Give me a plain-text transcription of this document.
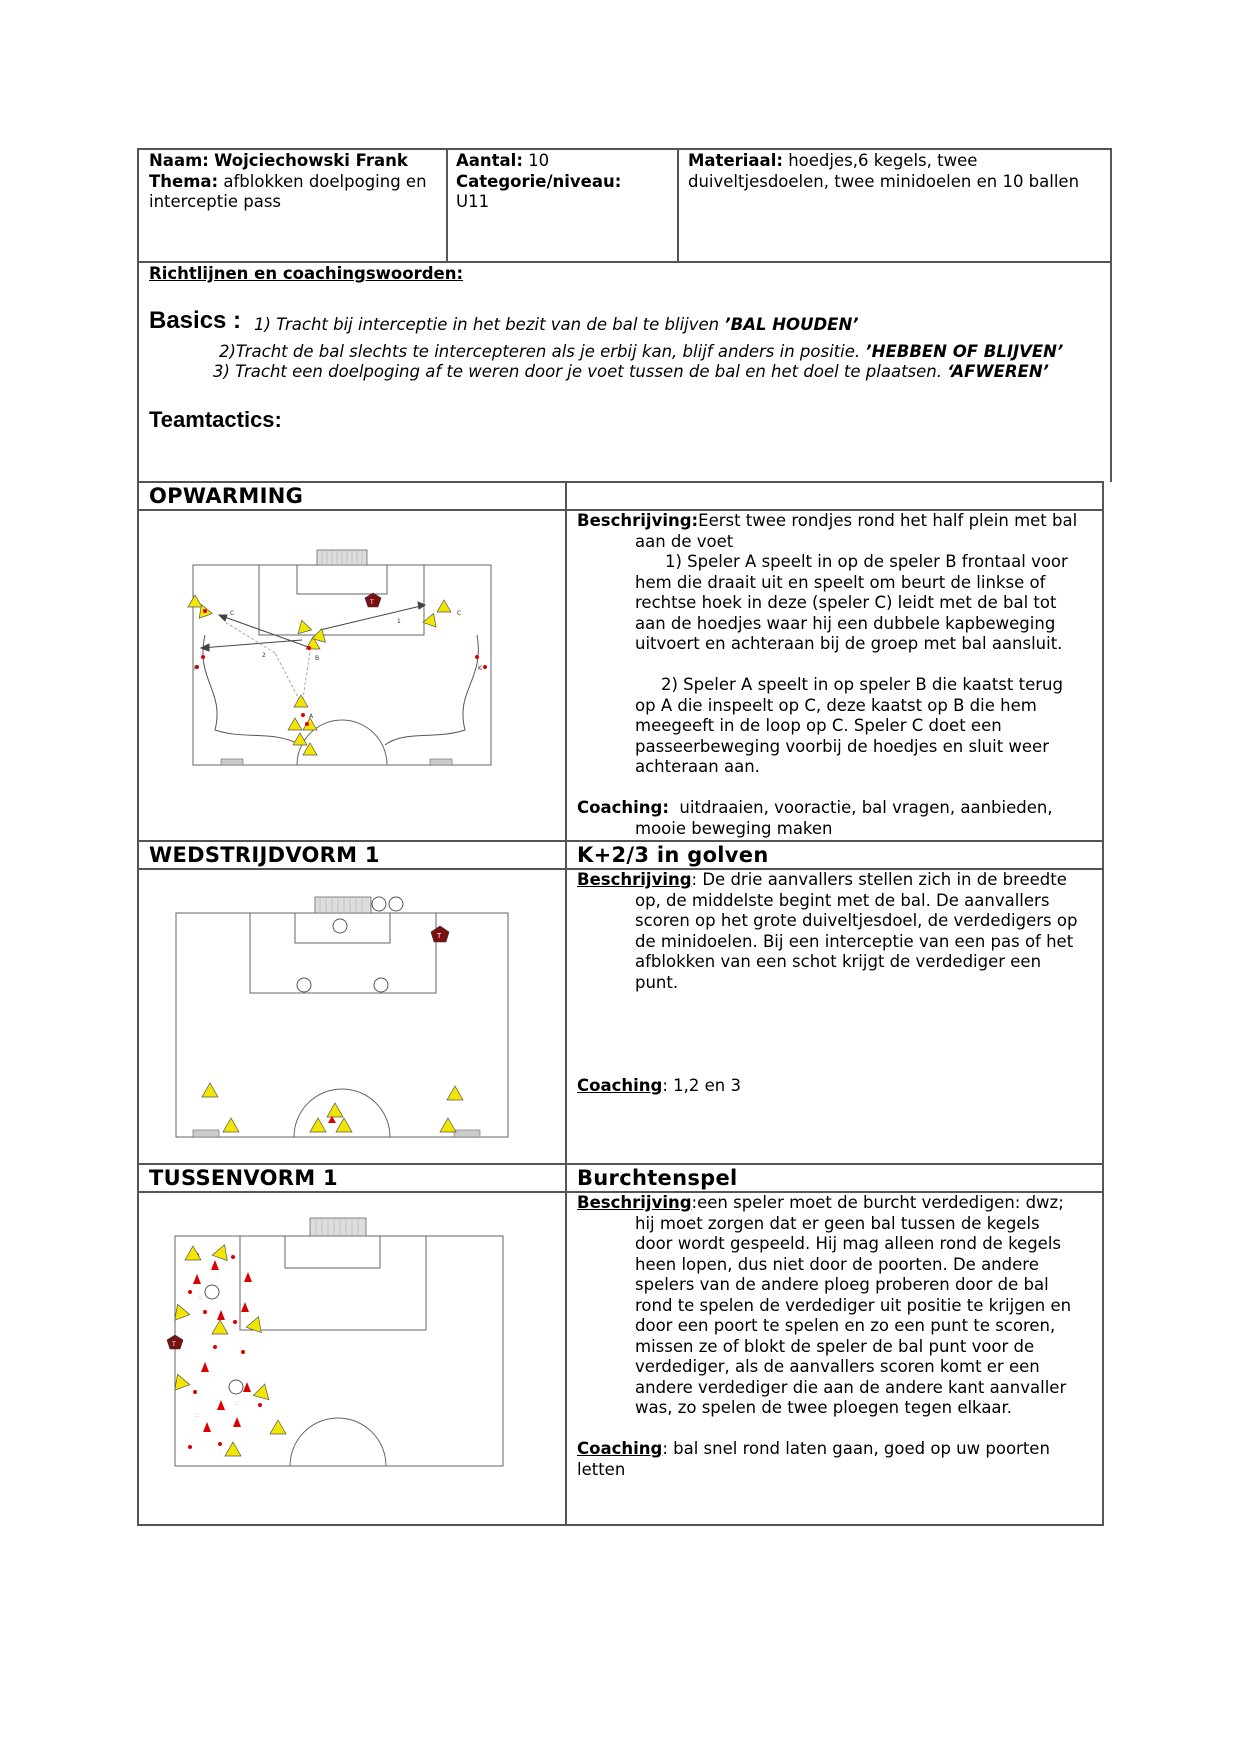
Naam: Wojciechowski Frank
Thema: afblokken doelpoging en interceptie pass
Aantal: 10
Categorie/niveau:
U11
Materiaal: hoedjes,6 kegels, twee duiveltjesdoelen, twee minidoelen en 10 ballen
Richtlijnen en coachingswoorden:
Basics : 1) Tracht bij interceptie in het bezit van de bal te blijven ’BAL HOUDEN’
2)Tracht de bal slechts te intercepteren als je erbij kan, blijf anders in positie. ’HEBBEN OF BLIJVEN’
3) Tracht een doelpoging af te weren door je voet tussen de bal en het doel te plaatsen. ‘AFWEREN’
Teamtactics:
OPWARMING
Beschrijving:Eerst twee rondjes rond het half plein met bal
aan de voet
1) Speler A speelt in op de speler B frontaal voor
hem die draait uit en speelt om beurt de linkse of
rechtse hoek in deze (speler C) leidt met de bal tot
aan de hoedjes waar hij een dubbele kapbeweging
uitvoert en achteraan bij de groep met bal aansluit.
2) Speler A speelt in op speler B die kaatst terug
op A die inspeelt op C, deze kaatst op B die hem
meegeeft in de loop op C. Speler C doet een
passeerbeweging voorbij de hoedjes en sluit weer
achteraan aan.
Coaching: uitdraaien, vooractie, bal vragen, aanbieden,
mooie beweging maken
T
C	C
P	K
A
B
1
2
WEDSTRIJDVORM 1	K+2/3 in golven
Beschrijving: De drie aanvallers stellen zich in de breedte
op, de middelste begint met de bal. De aanvallers
scoren op het grote duiveltjesdoel, de verdedigers op
de minidoelen. Bij een interceptie van een pas of het
afblokken van een schot krijgt de verdediger een
punt.
Coaching: 1,2 en 3
T
TUSSENVORM 1	Burchtenspel
Beschrijving:een speler moet de burcht verdedigen: dwz;
hij moet zorgen dat er geen bal tussen de kegels
door wordt gespeeld. Hij mag alleen rond de kegels
heen lopen, dus niet door de poorten. De andere
spelers van de andere ploeg proberen door de bal
rond te spelen de verdediger uit positie te krijgen en
door een poort te spelen en zo een punt te scoren,
missen ze of blokt de speler de bal punt voor de
verdediger, als de aanvallers scoren komt er een
andere verdediger die aan de andere kant aanvaller
was, zo spelen de twee ploegen tegen elkaar.
Coaching: bal snel rond laten gaan, goed op uw poorten
letten
T
::
::
::
